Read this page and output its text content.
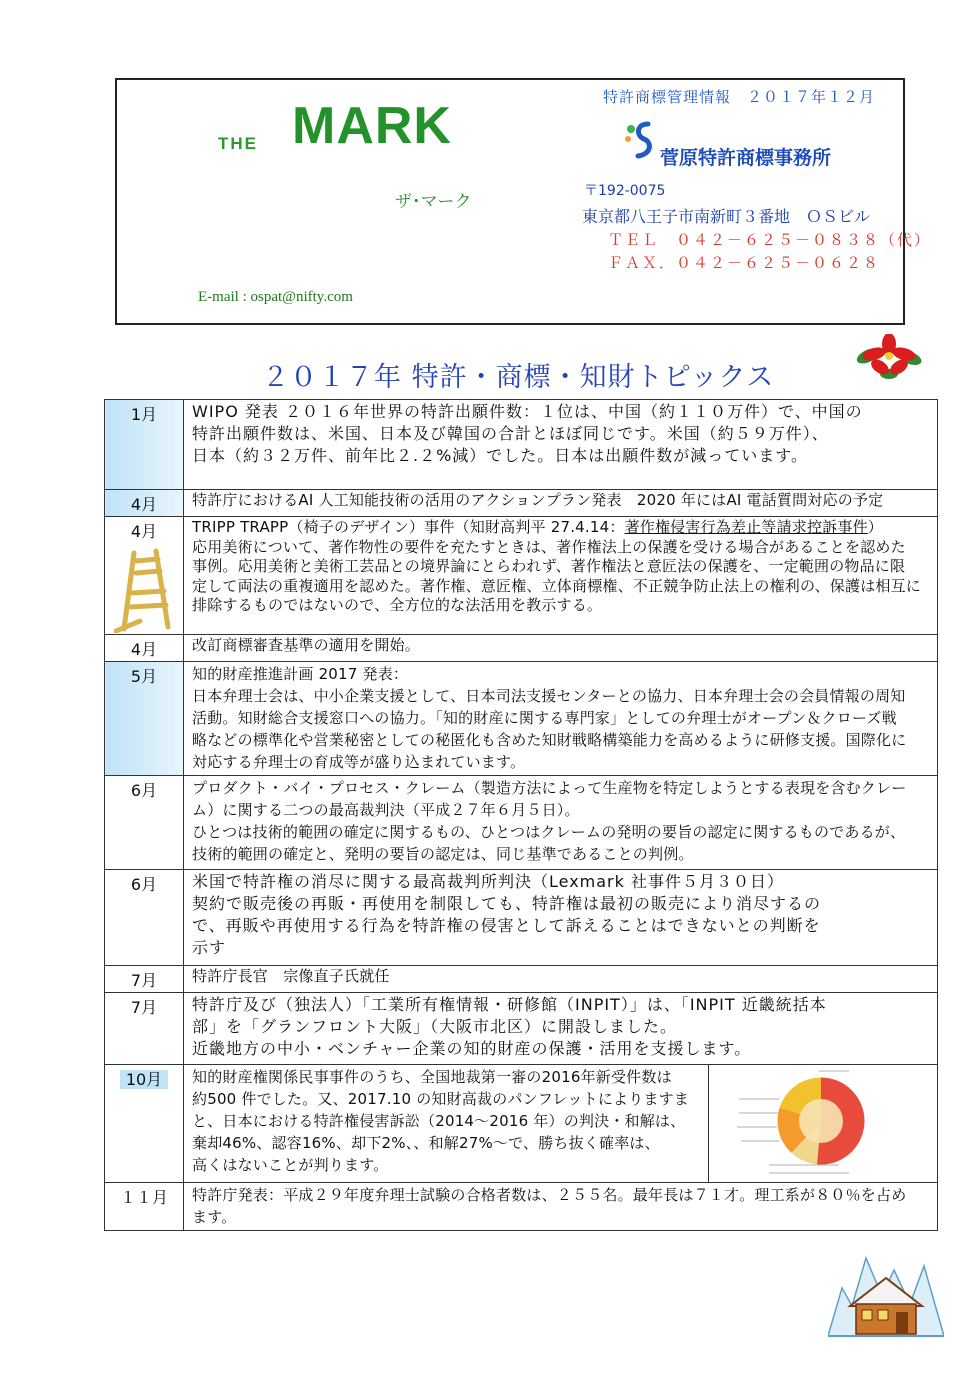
THE MARK
ザ･マーク
E-mail : ospat@nifty.com
特許商標管理情報　２０１７年１２月
菅原特許商標事務所
〒192-0075
東京都八王子市南新町３番地　ＯＳビル
ＴＥＬ　０４２－６２５－０８３８（代）
ＦＡＸ．０４２－６２５－０６２８
２０１７年 特許・商標・知財トピックス
1月	WIPO 発表 ２０１６年世界の特許出願件数：１位は、中国（約１１０万件）で、中国の
特許出願件数は、米国、日本及び韓国の合計とほぼ同じです。米国（約５９万件）、
日本（約３２万件、前年比２.２%減）でした。日本は出願件数が減っています。

4月	特許庁におけるAI 人工知能技術の活用のアクションプラン発表　2020 年にはAI 電話質問対応の予定

4月	TRIPP TRAPP（椅子のデザイン）事件（知財高判平 27.4.14：著作権侵害行為差止等請求控訴事件）
応用美術について、著作物性の要件を充たすときは、著作権法上の保護を受ける場合があることを認めた
事例。応用美術と美術工芸品との境界論にとらわれず、著作権法と意匠法の保護を、一定範囲の物品に限
定して両法の重複適用を認めた。著作権、意匠権、立体商標権、不正競争防止法上の権利の、保護は相互に
排除するものではないので、全方位的な法活用を教示する。

4月	改訂商標審査基準の適用を開始。
5月	知的財産推進計画 2017 発表：
日本弁理士会は、中小企業支援として、日本司法支援センターとの協力、日本弁理士会の会員情報の周知
活動。知財総合支援窓口への協力。「知的財産に関する専門家」としての弁理士がオープン＆クローズ戦
略などの標準化や営業秘密としての秘匿化も含めた知財戦略構築能力を高めるように研修支援。国際化に
対応する弁理士の育成等が盛り込まれています。

6月	プロダクト・バイ・プロセス・クレーム（製造方法によって生産物を特定しようとする表現を含むクレー
ム）に関する二つの最高裁判決（平成２７年６月５日）。
ひとつは技術的範囲の確定に関するもの、ひとつはクレームの発明の要旨の認定に関するものであるが、
技術的範囲の確定と、発明の要旨の認定は、同じ基準であることの判例。

6月	米国で特許権の消尽に関する最高裁判所判決（Lexmark 社事件５月３０日）
契約で販売後の再販・再使用を制限しても、特許権は最初の販売により消尽するの
で、再販や再使用する行為を特許権の侵害として訴えることはできないとの判断を
示す

7月	特許庁長官　宗像直子氏就任
7月	特許庁及び（独法人）「工業所有権情報・研修館（INPIT）」は、「INPIT 近畿統括本
部」を「グランフロント大阪」（大阪市北区）に開設しました。
近畿地方の中小・ベンチャー企業の知的財産の保護・活用を支援します。

10月	知的財産権関係民事事件のうち、全国地裁第一審の2016年新受件数は
約500 件でした。又、2017.10 の知財高裁のパンフレットによりますま
と、日本における特許権侵害訴訟（2014～2016 年）の判決・和解は、
棄却46%、認容16%、却下2%、、和解27%～で、勝ち抜く確率は、
高くはないことが判ります。

１１月	特許庁発表：平成２９年度弁理士試験の合格者数は、２５５名。最年長は７１才。理工系が８０％を占め
ます。
